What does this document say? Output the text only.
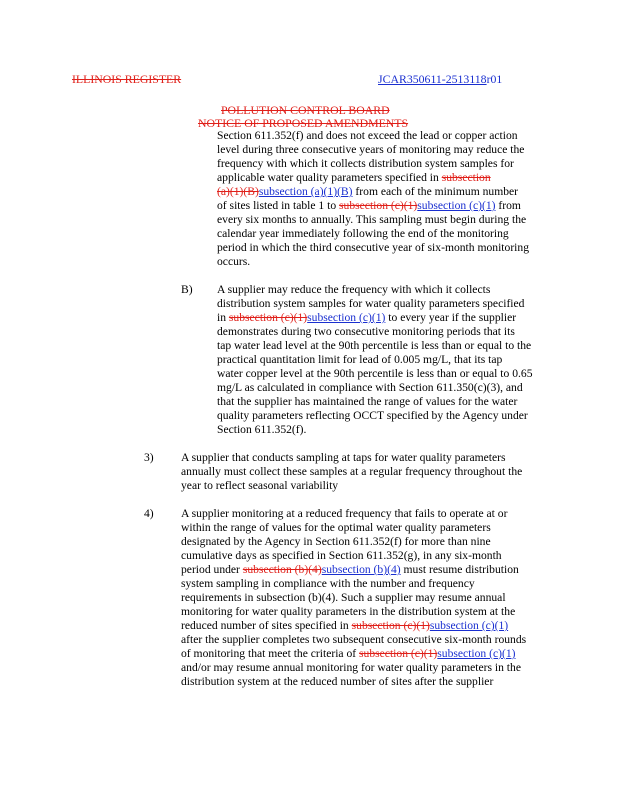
ILLINOIS REGISTER	JCAR350611-2513118r01
POLLUTION CONTROL BOARD
NOTICE OF PROPOSED AMENDMENTS
Section 611.352(f) and does not exceed the lead or copper action
level during three consecutive years of monitoring may reduce the
frequency with which it collects distribution system samples for
applicable water quality parameters specified in subsection
(a)(1)(B)subsection (a)(1)(B) from each of the minimum number
of sites listed in table 1 to subsection (c)(1)subsection (c)(1) from
every six months to annually. This sampling must begin during the
calendar year immediately following the end of the monitoring
period in which the third consecutive year of six-month monitoring
occurs.
B) A supplier may reduce the frequency with which it collects
distribution system samples for water quality parameters specified
in subsection (c)(1)subsection (c)(1) to every year if the supplier
demonstrates during two consecutive monitoring periods that its
tap water lead level at the 90th percentile is less than or equal to the
practical quantitation limit for lead of 0.005 mg/L, that its tap
water copper level at the 90th percentile is less than or equal to 0.65
mg/L as calculated in compliance with Section 611.350(c)(3), and
that the supplier has maintained the range of values for the water
quality parameters reflecting OCCT specified by the Agency under
Section 611.352(f).
3) A supplier that conducts sampling at taps for water quality parameters
annually must collect these samples at a regular frequency throughout the
year to reflect seasonal variability
4) A supplier monitoring at a reduced frequency that fails to operate at or
within the range of values for the optimal water quality parameters
designated by the Agency in Section 611.352(f) for more than nine
cumulative days as specified in Section 611.352(g), in any six-month
period under subsection (b)(4)subsection (b)(4) must resume distribution
system sampling in compliance with the number and frequency
requirements in subsection (b)(4). Such a supplier may resume annual
monitoring for water quality parameters in the distribution system at the
reduced number of sites specified in subsection (c)(1)subsection (c)(1)
after the supplier completes two subsequent consecutive six-month rounds
of monitoring that meet the criteria of subsection (c)(1)subsection (c)(1)
and/or may resume annual monitoring for water quality parameters in the
distribution system at the reduced number of sites after the supplier
